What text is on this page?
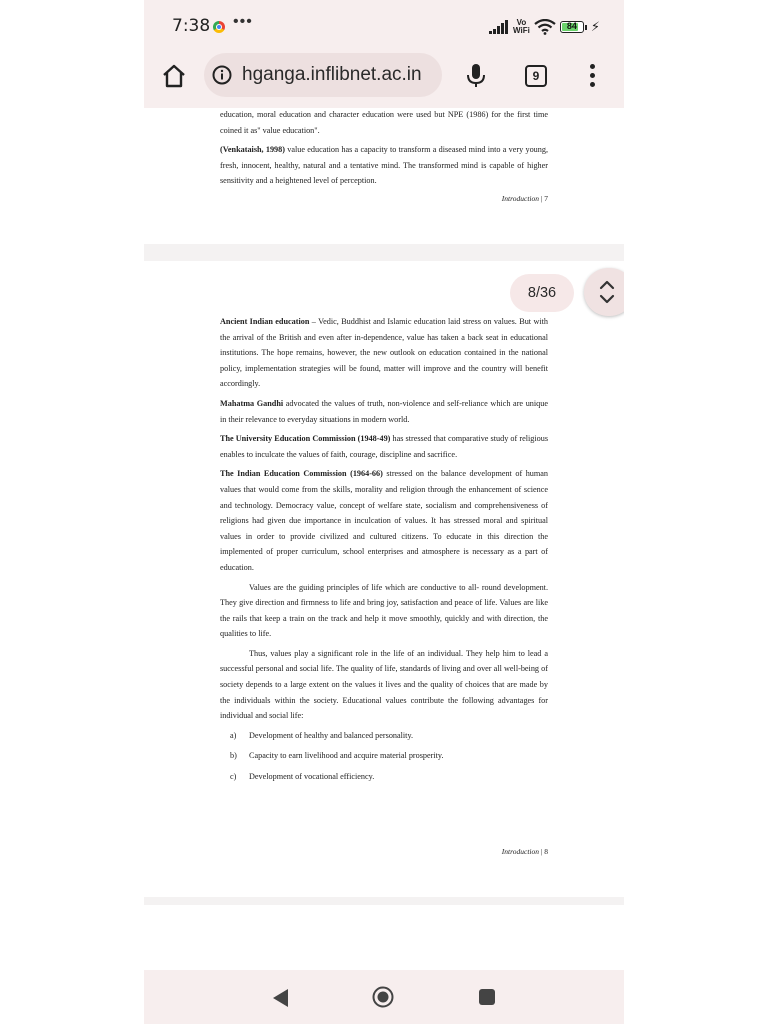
7:38 •••	Vo
WiFi	84	⚡︎
hganga.inflibnet.ac.in	9

education, moral education and character education were used but NPE (1986) for the first time coined it as" value education".

(Venkataish, 1998) value education has a capacity to transform a diseased mind into a very young, fresh, innocent, healthy, natural and a tentative mind. The transformed mind is capable of higher sensitivity and a heightened level of perception.

Introduction | 7

Ancient Indian education – Vedic, Buddhist and Islamic education laid stress on values. But with the arrival of the British and even after in-dependence, value has taken a back seat in educational institutions. The hope remains, however, the new outlook on education contained in the national policy, implementation strategies will be found, matter will improve and the country will benefit accordingly.

Mahatma Gandhi advocated the values of truth, non-violence and self-reliance which are unique in their relevance to everyday situations in modern world.

The University Education Commission (1948-49) has stressed that comparative study of religious enables to inculcate the values of faith, courage, discipline and sacrifice.

The Indian Education Commission (1964-66) stressed on the balance development of human values that would come from the skills, morality and religion through the enhancement of science and technology. Democracy value, concept of welfare state, socialism and comprehensiveness of religions had given due importance in inculcation of values. It has stressed moral and spiritual values in order to provide civilized and cultured citizens. To educate in this direction the implemented of proper curriculum, school enterprises and atmosphere is necessary as a part of education.

Values are the guiding principles of life which are conductive to all- round development. They give direction and firmness to life and bring joy, satisfaction and peace of life. Values are like the rails that keep a train on the track and help it move smoothly, quickly and with direction, the qualities to life.

Thus, values play a significant role in the life of an individual. They help him to lead a successful personal and social life. The quality of life, standards of living and over all well-being of society depends to a large extent on the values it lives and the quality of choices that are made by the individuals within the society. Educational values contribute the following advantages for individual and social life:

a)	Development of healthy and balanced personality.
b)	Capacity to earn livelihood and acquire material prosperity.
c)	Development of vocational efficiency.
Introduction | 8
8/36
